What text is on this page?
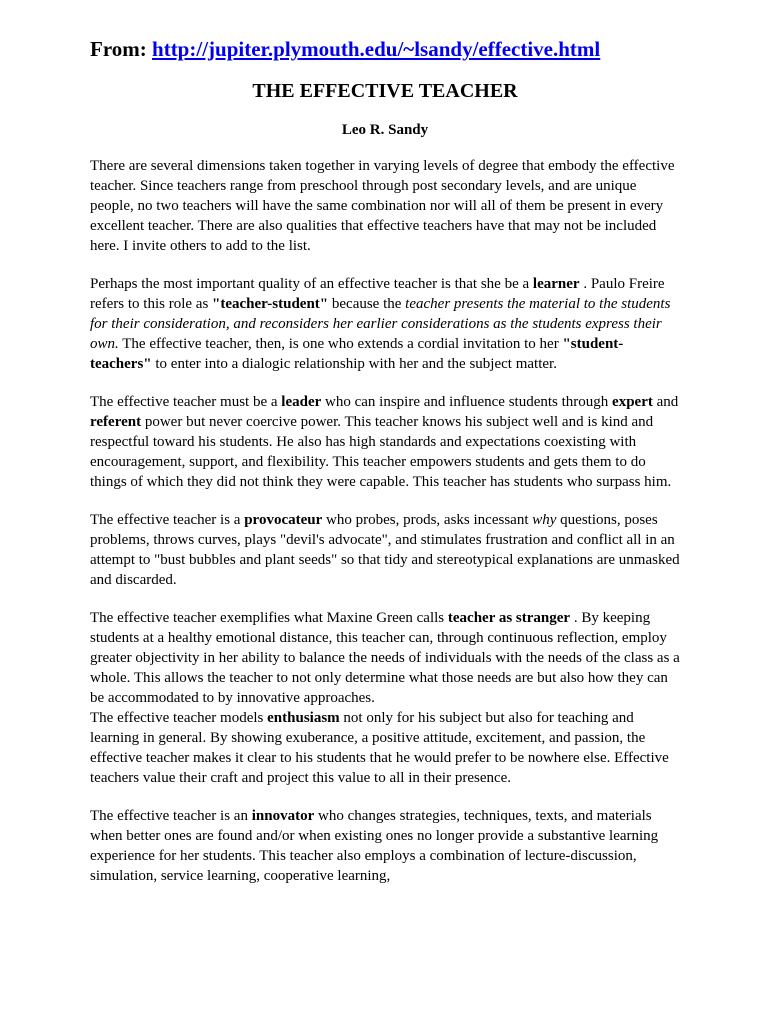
From: http://jupiter.plymouth.edu/~lsandy/effective.html
THE EFFECTIVE TEACHER
Leo R. Sandy

There are several dimensions taken together in varying levels of degree that embody the effective teacher. Since teachers range from preschool through post secondary levels, and are unique people, no two teachers will have the same combination nor will all of them be present in every excellent teacher. There are also qualities that effective teachers have that may not be included here. I invite others to add to the list.

Perhaps the most important quality of an effective teacher is that she be a learner . Paulo Freire refers to this role as "teacher-student" because the teacher presents the material to the students for their consideration, and reconsiders her earlier considerations as the students express their own. The effective teacher, then, is one who extends a cordial invitation to her "student-teachers" to enter into a dialogic relationship with her and the subject matter.

The effective teacher must be a leader who can inspire and influence students through expert and referent power but never coercive power. This teacher knows his subject well and is kind and respectful toward his students. He also has high standards and expectations coexisting with encouragement, support, and flexibility. This teacher empowers students and gets them to do things of which they did not think they were capable. This teacher has students who surpass him.

The effective teacher is a provocateur who probes, prods, asks incessant why questions, poses problems, throws curves, plays "devil's advocate", and stimulates frustration and conflict all in an attempt to "bust bubbles and plant seeds" so that tidy and stereotypical explanations are unmasked and discarded.

The effective teacher exemplifies what Maxine Green calls teacher as stranger . By keeping students at a healthy emotional distance, this teacher can, through continuous reflection, employ greater objectivity in her ability to balance the needs of individuals with the needs of the class as a whole. This allows the teacher to not only determine what those needs are but also how they can be accommodated to by innovative approaches.

The effective teacher models enthusiasm not only for his subject but also for teaching and learning in general. By showing exuberance, a positive attitude, excitement, and passion, the effective teacher makes it clear to his students that he would prefer to be nowhere else. Effective teachers value their craft and project this value to all in their presence.

The effective teacher is an innovator who changes strategies, techniques, texts, and materials when better ones are found and/or when existing ones no longer provide a substantive learning experience for her students. This teacher also employs a combination of lecture-discussion, simulation, service learning, cooperative learning,
